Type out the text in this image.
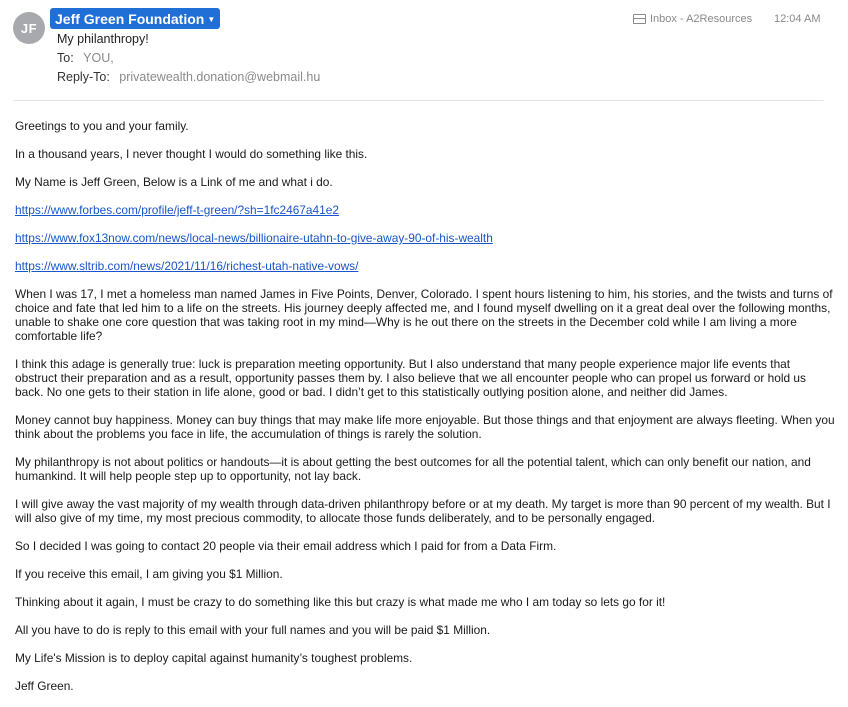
JF
Jeff Green Foundation ▼
My philanthropy!
To: YOU,
Reply-To: privatewealth.donation@webmail.hu
Inbox - A2Resources 12:04 AM

Greetings to you and your family.

In a thousand years, I never thought I would do something like this.

My Name is Jeff Green, Below is a Link of me and what i do.

https://www.forbes.com/profile/jeff-t-green/?sh=1fc2467a41e2

https://www.fox13now.com/news/local-news/billionaire-utahn-to-give-away-90-of-his-wealth

https://www.sltrib.com/news/2021/11/16/richest-utah-native-vows/

When I was 17, I met a homeless man named James in Five Points, Denver, Colorado. I spent hours listening to him, his stories, and the twists and turns of choice and fate that led him to a life on the streets. His journey deeply affected me, and I found myself dwelling on it a great deal over the following months, unable to shake one core question that was taking root in my mind—Why is he out there on the streets in the December cold while I am living a more comfortable life?

I think this adage is generally true: luck is preparation meeting opportunity. But I also understand that many people experience major life events that obstruct their preparation and as a result, opportunity passes them by. I also believe that we all encounter people who can propel us forward or hold us back. No one gets to their station in life alone, good or bad. I didn’t get to this statistically outlying position alone, and neither did James.

Money cannot buy happiness. Money can buy things that may make life more enjoyable. But those things and that enjoyment are always fleeting. When you think about the problems you face in life, the accumulation of things is rarely the solution.

My philanthropy is not about politics or handouts—it is about getting the best outcomes for all the potential talent, which can only benefit our nation, and humankind. It will help people step up to opportunity, not lay back.

I will give away the vast majority of my wealth through data-driven philanthropy before or at my death. My target is more than 90 percent of my wealth. But I will also give of my time, my most precious commodity, to allocate those funds deliberately, and to be personally engaged.

So I decided I was going to contact 20 people via their email address which I paid for from a Data Firm.

If you receive this email, I am giving you $1 Million.

Thinking about it again, I must be crazy to do something like this but crazy is what made me who I am today so lets go for it!

All you have to do is reply to this email with your full names and you will be paid $1 Million.

My Life's Mission is to deploy capital against humanity’s toughest problems.

Jeff Green.
